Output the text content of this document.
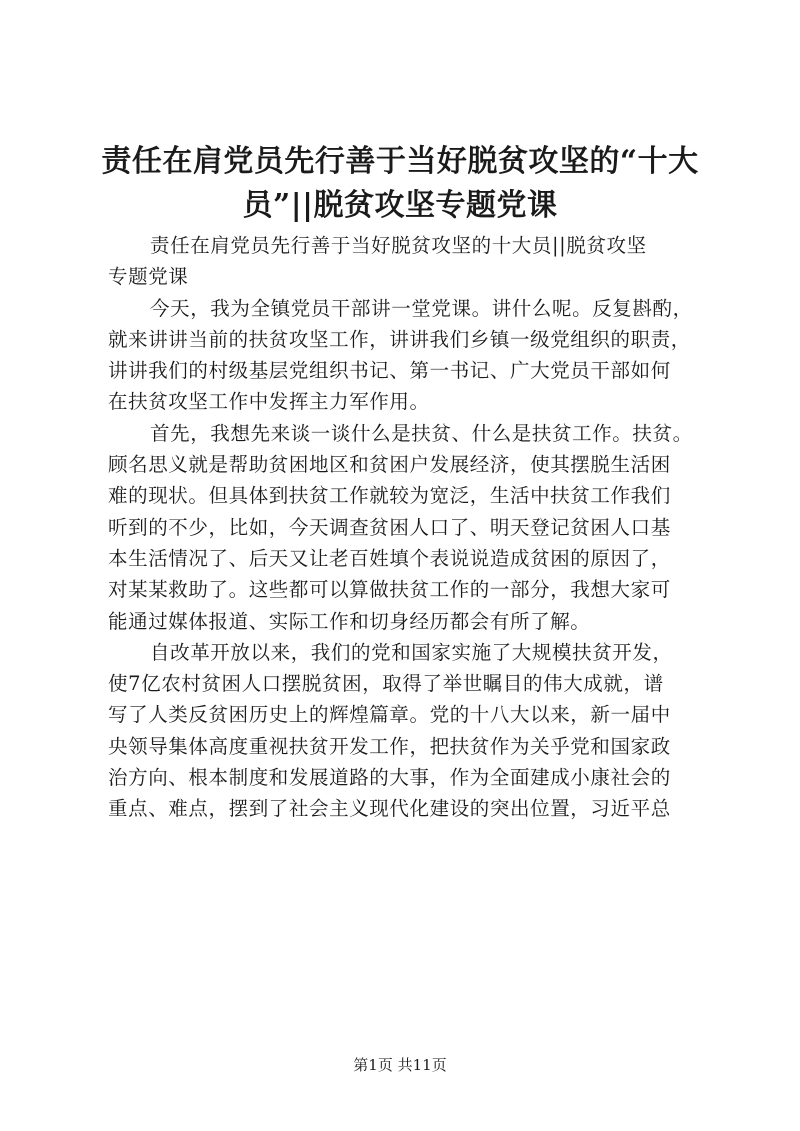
责任在肩党员先行善于当好脱贫攻坚的“十大
员”||脱贫攻坚专题党课
责任在肩党员先行善于当好脱贫攻坚的十大员||脱贫攻坚
专题党课
今天，我为全镇党员干部讲一堂党课。讲什么呢。反复斟酌，
就来讲讲当前的扶贫攻坚工作，讲讲我们乡镇一级党组织的职责，
讲讲我们的村级基层党组织书记、第一书记、广大党员干部如何
在扶贫攻坚工作中发挥主力军作用。
首先，我想先来谈一谈什么是扶贫、什么是扶贫工作。扶贫。
顾名思义就是帮助贫困地区和贫困户发展经济，使其摆脱生活困
难的现状。但具体到扶贫工作就较为宽泛，生活中扶贫工作我们
听到的不少，比如，今天调查贫困人口了、明天登记贫困人口基
本生活情况了、后天又让老百姓填个表说说造成贫困的原因了，
对某某救助了。这些都可以算做扶贫工作的一部分，我想大家可
能通过媒体报道、实际工作和切身经历都会有所了解。
自改革开放以来，我们的党和国家实施了大规模扶贫开发，
使7亿农村贫困人口摆脱贫困，取得了举世瞩目的伟大成就，谱
写了人类反贫困历史上的辉煌篇章。党的十八大以来，新一届中
央领导集体高度重视扶贫开发工作，把扶贫作为关乎党和国家政
治方向、根本制度和发展道路的大事，作为全面建成小康社会的
重点、难点，摆到了社会主义现代化建设的突出位置，习近平总
第1页 共11页
